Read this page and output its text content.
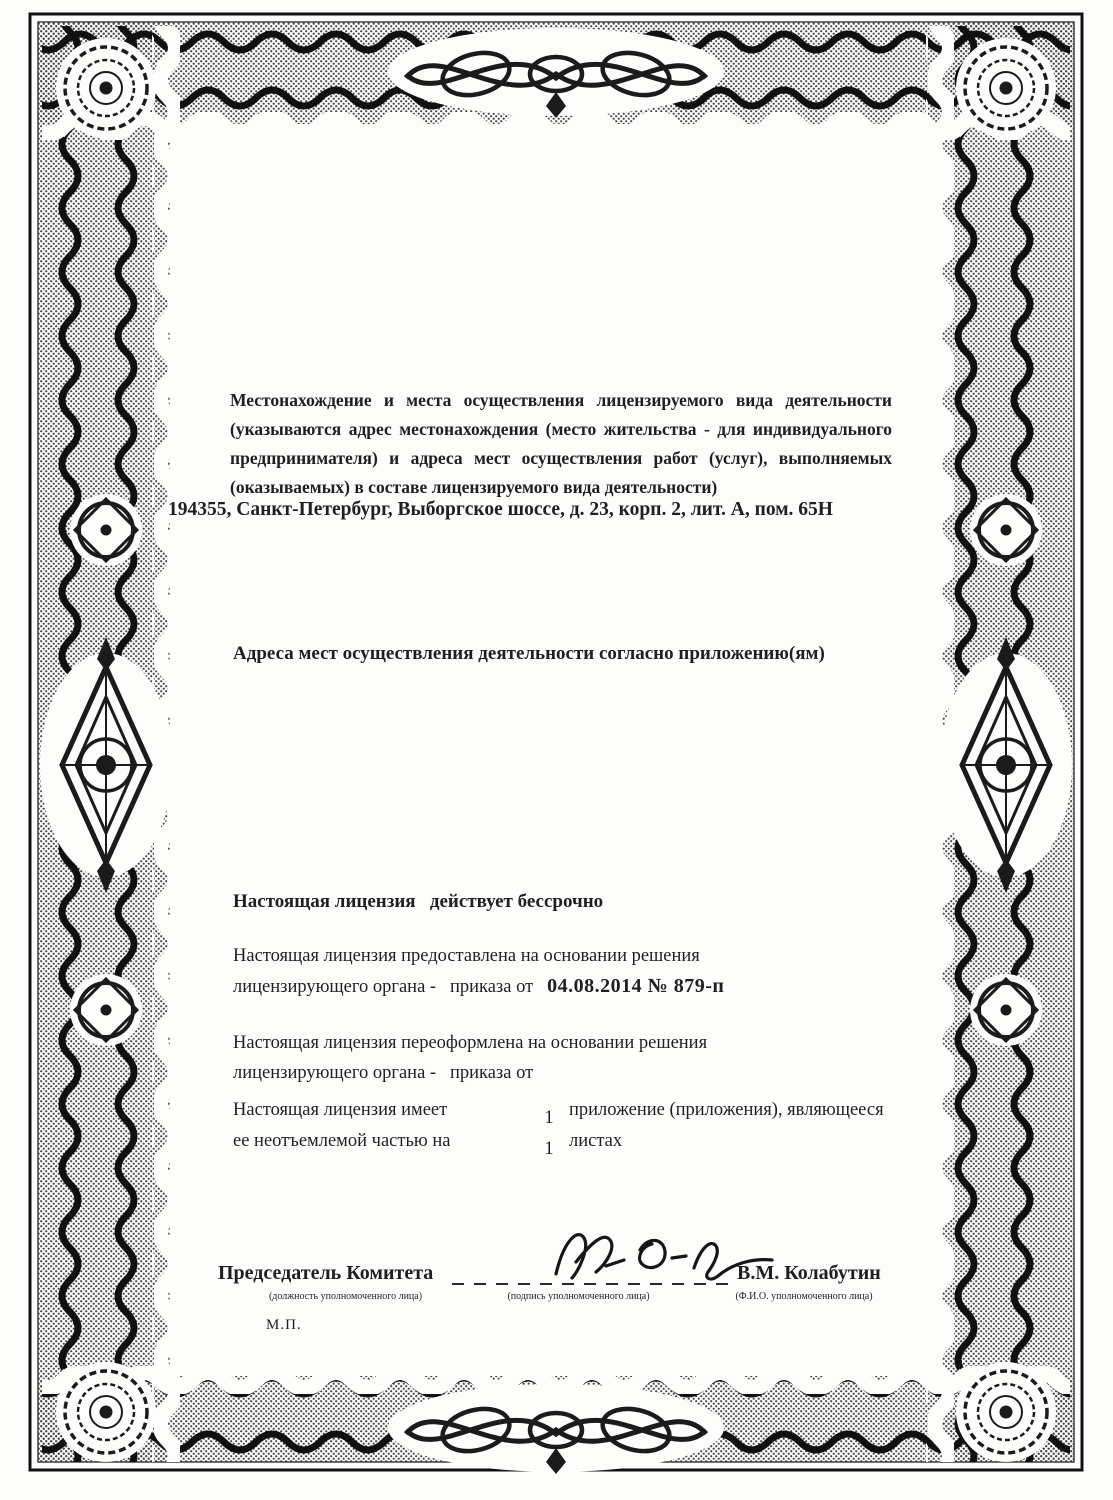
Местонахождение и места осуществления лицензируемого вида деятельности (указываются адрес местонахождения (место жительства - для индивидуального предпринимателя) и адреса мест осуществления работ (услуг), выполняемых (оказываемых) в составе лицензируемого вида деятельности)
194355, Санкт-Петербург, Выборгское шоссе, д. 23, корп. 2, лит. А, пом. 65Н
Адреса мест осуществления деятельности согласно приложению(ям)
Настоящая лицензия   действует бессрочно
Настоящая лицензия предоставлена на основании решения
лицензирующего органа -   приказа от 04.08.2014 № 879-п
Настоящая лицензия переоформлена на основании решения
лицензирующего органа -   приказа от
Настоящая лицензия имеет	1 приложение (приложения), являющееся
ее неотъемлемой частью на	1 листах
Председатель Комитета	В.М. Колабутин
(должность уполномоченного лица)	(подпись уполномоченного лица)	(Ф.И.О. уполномоченного лица)
М.П.
